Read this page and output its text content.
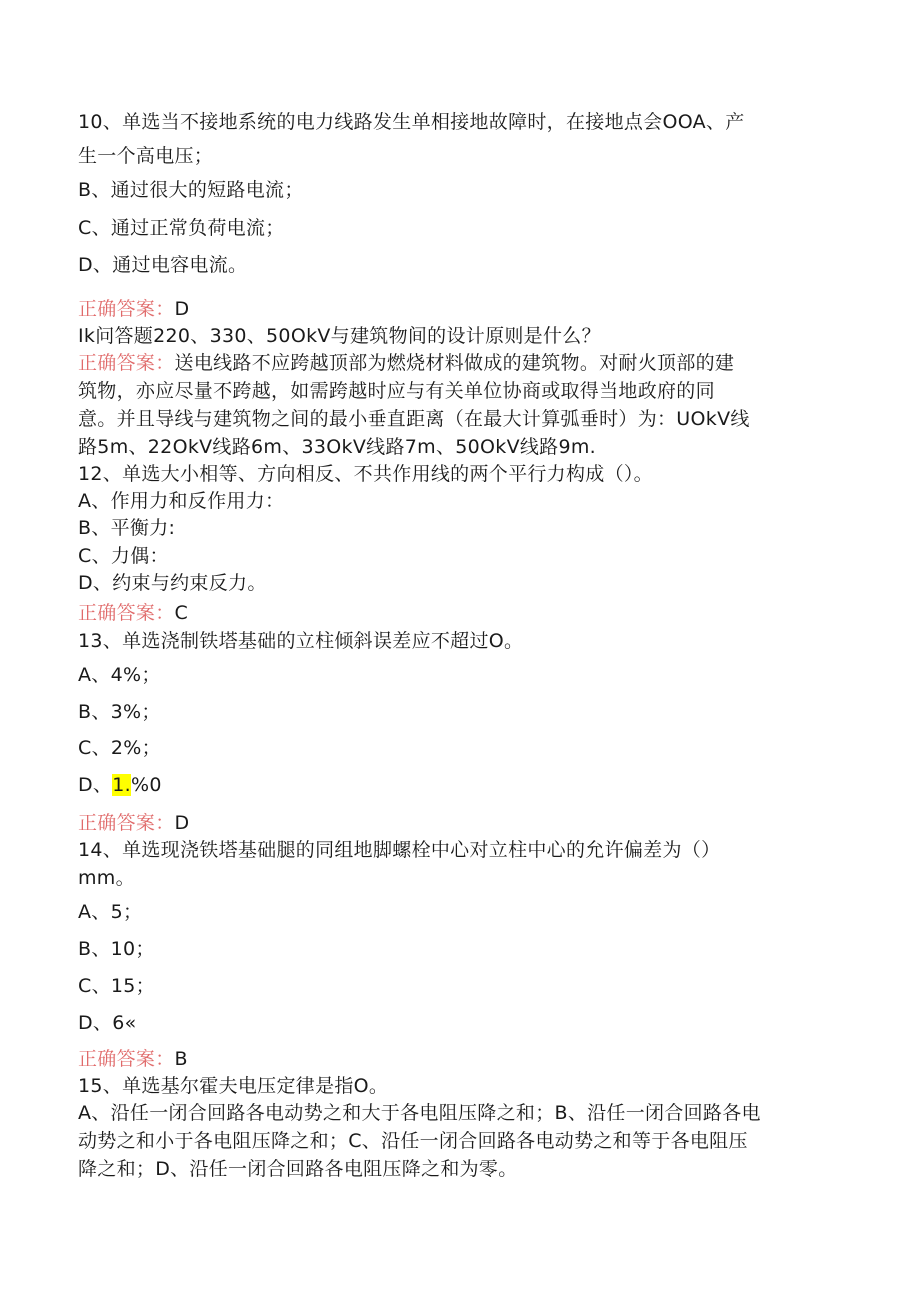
10、单选当不接地系统的电力线路发生单相接地故障时，在接地点会OOA、产
生一个高电压；
B、通过很大的短路电流；
C、通过正常负荷电流；
D、通过电容电流。
正确答案：D
Ik问答题220、330、50OkV与建筑物间的设计原则是什么？
正确答案：送电线路不应跨越顶部为燃烧材料做成的建筑物。对耐火顶部的建
筑物，亦应尽量不跨越，如需跨越时应与有关单位协商或取得当地政府的同
意。并且导线与建筑物之间的最小垂直距离（在最大计算弧垂时）为：UOkV线
路5m、22OkV线路6m、33OkV线路7m、50OkV线路9m.
12、单选大小相等、方向相反、不共作用线的两个平行力构成（）。
A、作用力和反作用力：
B、平衡力:
C、力偶：
D、约束与约束反力。
正确答案：C
13、单选浇制铁塔基础的立柱倾斜误差应不超过O。
A、4%；
B、3%；
C、2%；
D、1.%0
正确答案：D
14、单选现浇铁塔基础腿的同组地脚螺栓中心对立柱中心的允许偏差为（）
mm。
A、5；
B、10；
C、15；
D、6«
正确答案：B
15、单选基尔霍夫电压定律是指O。
A、沿任一闭合回路各电动势之和大于各电阻压降之和；B、沿任一闭合回路各电
动势之和小于各电阻压降之和；C、沿任一闭合回路各电动势之和等于各电阻压
降之和；D、沿任一闭合回路各电阻压降之和为零。
